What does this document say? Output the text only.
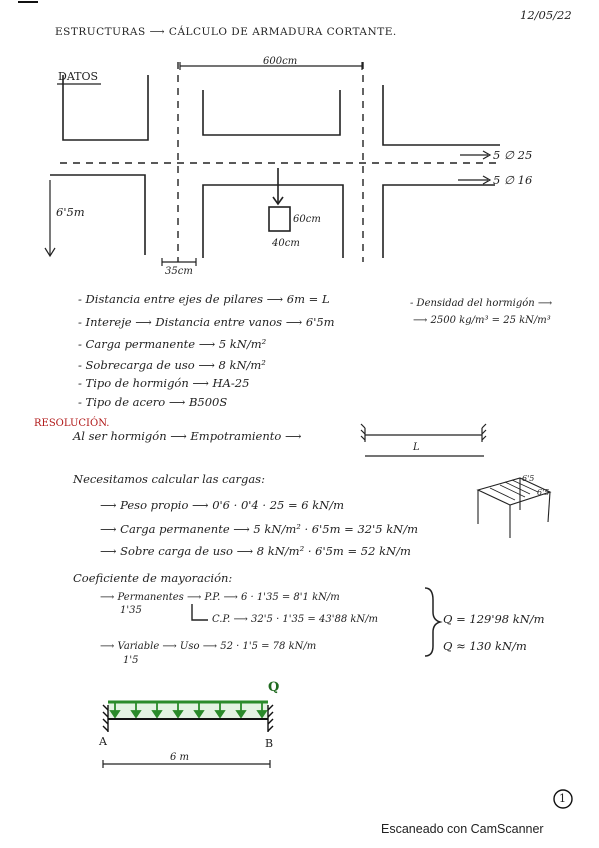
12/05/22
ESTRUCTURAS ⟶ CÁLCULO DE ARMADURA CORTANTE.
DATOS
600cm
6'5m
35cm
5 ∅ 25
5 ∅ 16
60cm
40cm
- Distancia entre ejes de pilares ⟶ 6m = L
- Intereje ⟶ Distancia entre vanos ⟶ 6'5m
- Carga permanente ⟶ 5 kN/m²
- Sobrecarga de uso ⟶ 8 kN/m²
- Tipo de hormigón ⟶ HA-25
- Tipo de acero ⟶ B500S
- Densidad del hormigón ⟶
⟶ 2500 kg/m³ = 25 kN/m³
RESOLUCIÓN.
Al ser hormigón ⟶ Empotramiento ⟶
L
Necesitamos calcular las cargas:
⟶ Peso propio ⟶ 0'6 · 0'4 · 25 = 6 kN/m
⟶ Carga permanente ⟶ 5 kN/m² · 6'5m = 32'5 kN/m
⟶ Sobre carga de uso ⟶ 8 kN/m² · 6'5m = 52 kN/m
6'5
6'5
Coeficiente de mayoración:
⟶ Permanentes ⟶ P.P. ⟶ 6 · 1'35 = 8'1 kN/m
1'35
C.P. ⟶ 32'5 · 1'35 = 43'88 kN/m
⟶ Variable ⟶ Uso ⟶ 52 · 1'5 = 78 kN/m
1'5
Q = 129'98 kN/m
Q ≈ 130 kN/m
Q
A	B
6 m
1
Escaneado con CamScanner
